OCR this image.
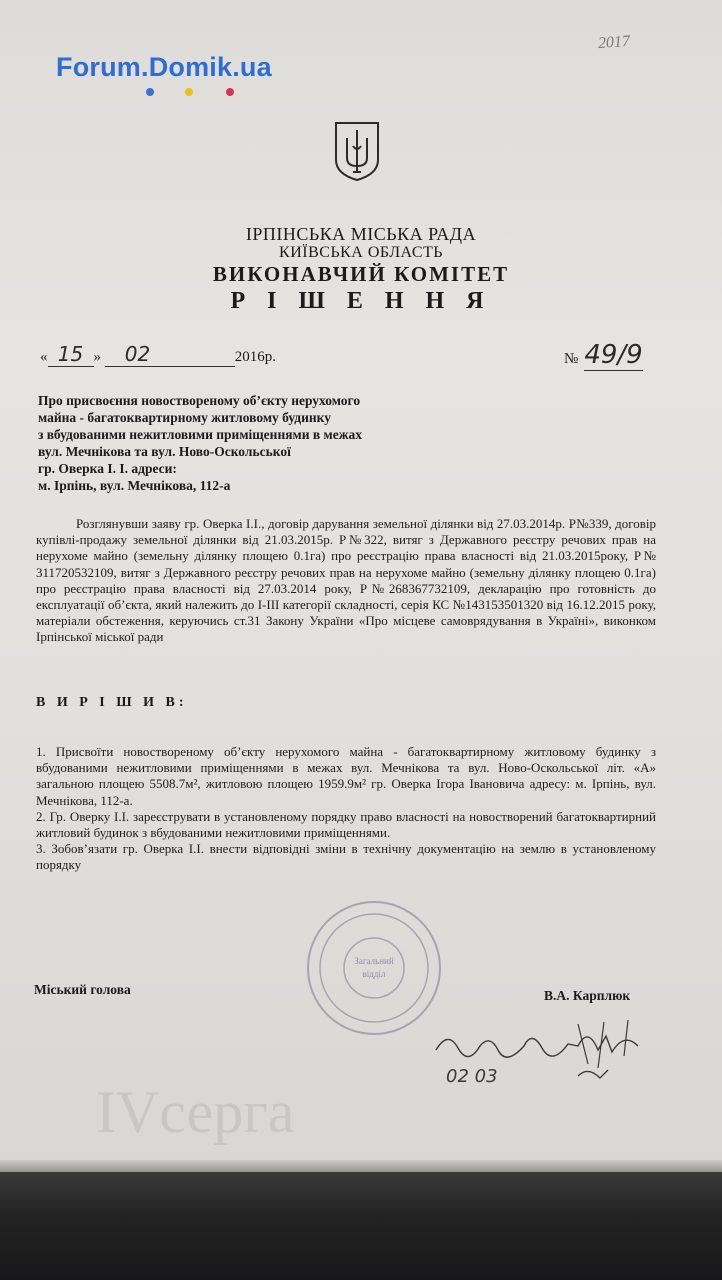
Forum.Domik.ua
2017
ІРПІНСЬКА МІСЬКА РАДА
КИЇВСЬКА ОБЛАСТЬ
ВИКОНАВЧИЙ КОМІТЕТ
Р І Ш Е Н Н Я
« 15 » 02	2016р.	№ 49/9
Про присвоєння новоствореному об’єкту нерухомого
майна - багатоквартирному житловому будинку
з вбудованими нежитловими приміщеннями в межах
вул. Мечнікова та вул. Ново-Оскольської
гр. Оверка І. І. адреси:
м. Ірпінь, вул. Мечнікова, 112-а
Розглянувши заяву гр. Оверка І.І., договір дарування земельної ділянки від 27.03.2014р. Р№339, договір купівлі-продажу земельної ділянки від 21.03.2015р. Р№322, витяг з Державного реєстру речових прав на нерухоме майно (земельну ділянку площею 0.1га) про реєстрацію права власності від 21.03.2015року, Р№ 311720532109, витяг з Державного реєстру речових прав на нерухоме майно (земельну ділянку площею 0.1га) про реєстрацію права власності від 27.03.2014 року, Р№268367732109, декларацію про готовність до експлуатації об’єкта, який належить до І-ІІІ категорії складності, серія КС №143153501320 від 16.12.2015 року, матеріали обстеження, керуючись ст.31 Закону України «Про місцеве самоврядування в Україні», виконком Ірпінської міської ради
В И Р І Ш И В:
1. Присвоїти новоствореному об’єкту нерухомого майна - багатоквартирному житловому будинку з вбудованими нежитловими приміщеннями в межах вул. Мечнікова та вул. Ново-Оскольської літ. «А» загальною площею 5508.7м², житловою площею 1959.9м² гр. Оверка Ігора Івановича адресу: м. Ірпінь, вул. Мечнікова, 112-а.
2. Гр. Оверку І.І. зареєструвати в установленому порядку право власності на новостворений багатоквартирний житловий будинок з вбудованими нежитловими приміщеннями.
3. Зобов’язати гр. Оверка І.І. внести відповідні зміни в технічну документацію на землю в установленому порядку
Загальний
відділ
Міський голова	В.А. Карплюк
02 03
IVсерга
